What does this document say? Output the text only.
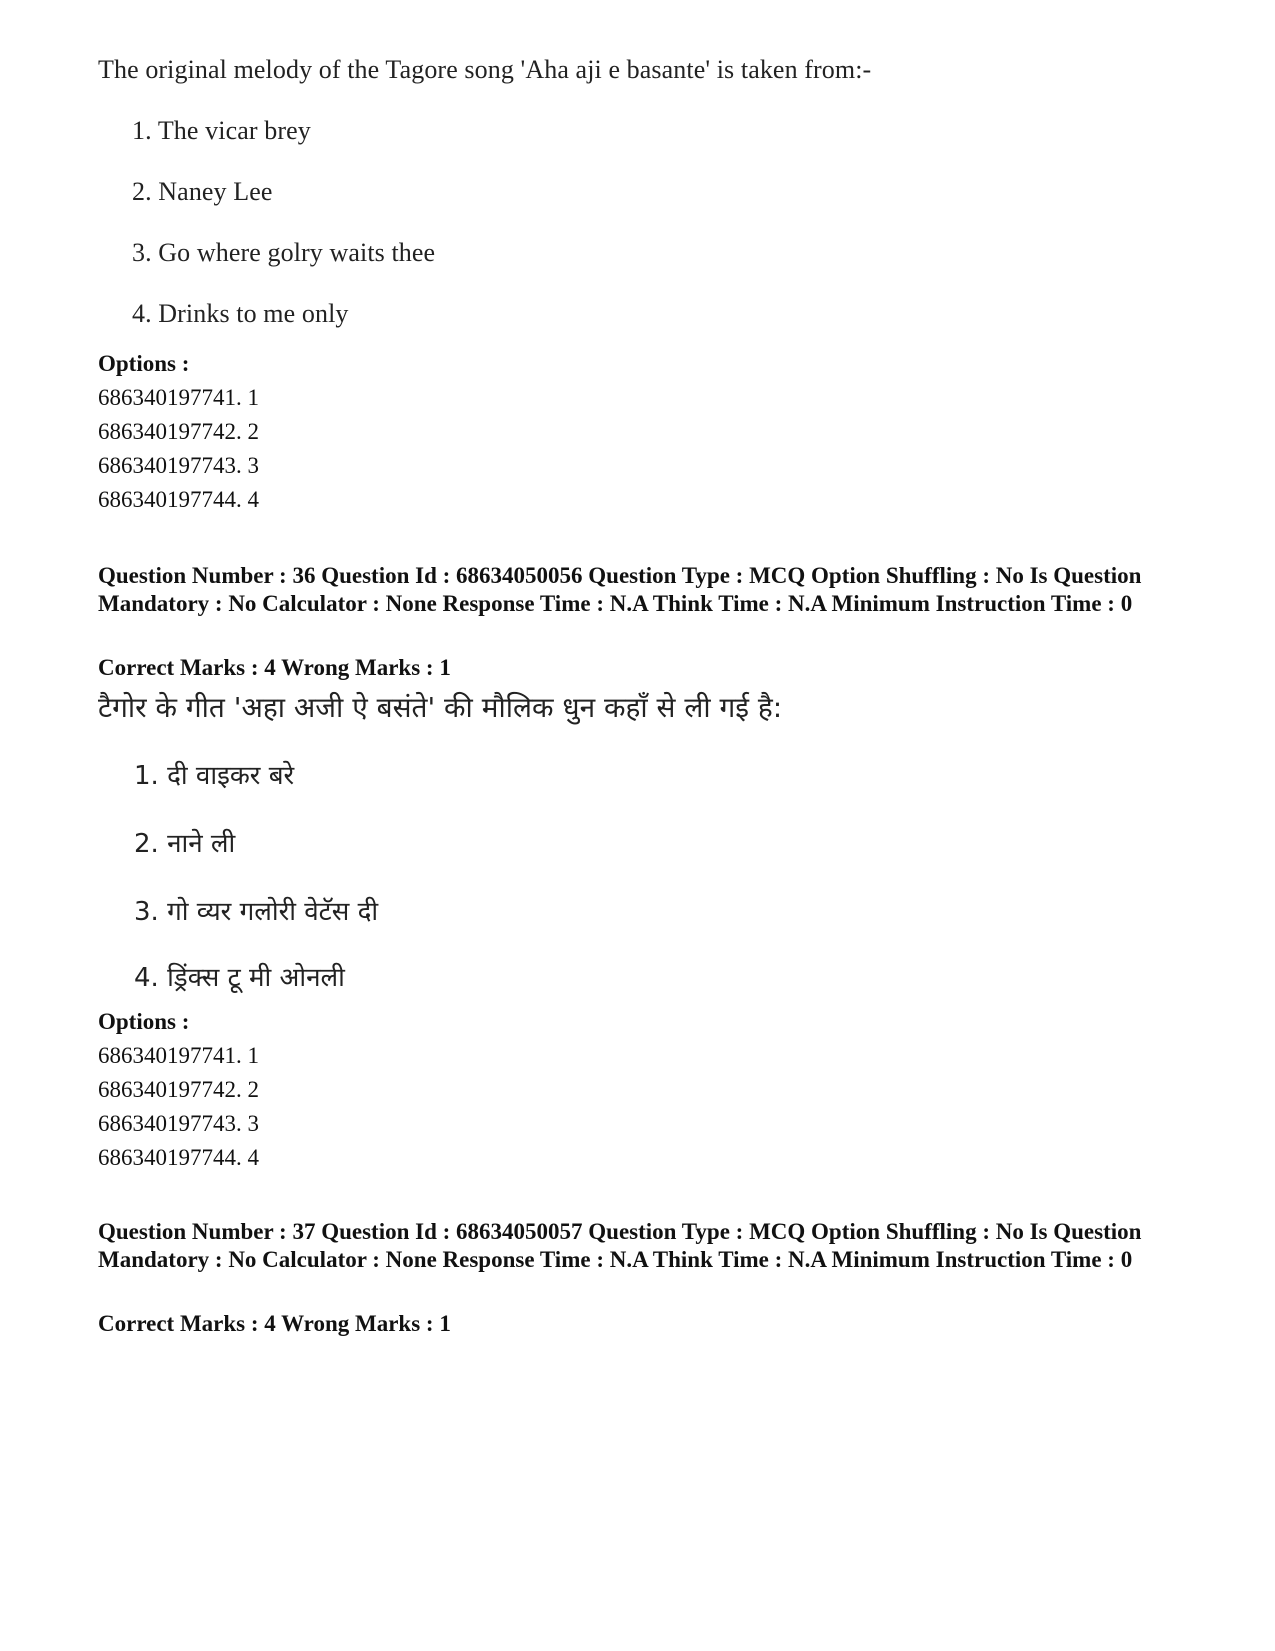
The original melody of the Tagore song 'Aha aji e basante' is taken from:-
1. The vicar brey
2. Naney Lee
3. Go where golry waits thee
4. Drinks to me only
Options :
686340197741. 1
686340197742. 2
686340197743. 3
686340197744. 4
Question Number : 36 Question Id : 68634050056 Question Type : MCQ Option Shuffling : No Is Question Mandatory : No Calculator : None Response Time : N.A Think Time : N.A Minimum Instruction Time : 0
Correct Marks : 4 Wrong Marks : 1
टैगोर के गीत 'अहा अजी ऐ बसंते' की मौलिक धुन कहाँ से ली गई है:
1. दी वाइकर बरे
2. नाने ली
3. गो व्यर गलोरी वेटॅस दी
4. ड्रिंक्स टू मी ओनली
Options :
686340197741. 1
686340197742. 2
686340197743. 3
686340197744. 4
Question Number : 37 Question Id : 68634050057 Question Type : MCQ Option Shuffling : No Is Question Mandatory : No Calculator : None Response Time : N.A Think Time : N.A Minimum Instruction Time : 0
Correct Marks : 4 Wrong Marks : 1
